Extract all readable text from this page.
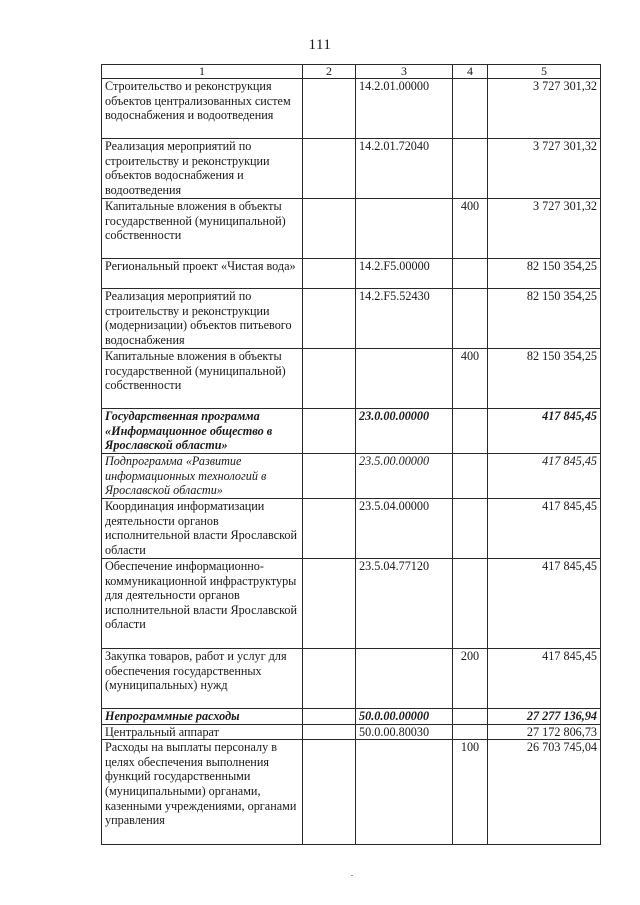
111
1	2	3	4	5
Строительство и реконструкция объектов централизованных систем водоснабжения и водоотведения		14.2.01.00000		3 727 301,32
Реализация мероприятий по строительству и реконструкции объектов водоснабжения и водоотведения		14.2.01.72040		3 727 301,32
Капитальные вложения в объекты государственной (муниципальной) собственности			400	3 727 301,32
Региональный проект «Чистая вода»		14.2.F5.00000		82 150 354,25
Реализация мероприятий по строительству и реконструкции (модернизации) объектов питьевого водоснабжения		14.2.F5.52430		82 150 354,25
Капитальные вложения в объекты государственной (муниципальной) собственности			400	82 150 354,25
Государственная программа «Информационное общество в Ярославской области»		23.0.00.00000		417 845,45
Подпрограмма «Развитие информационных технологий в Ярославской области»		23.5.00.00000		417 845,45
Координация информатизации деятельности органов исполнительной власти Ярославской области		23.5.04.00000		417 845,45
Обеспечение информационно-коммуникационной инфраструктуры для деятельности органов исполнительной власти Ярославской области		23.5.04.77120		417 845,45
Закупка товаров, работ и услуг для обеспечения государственных (муниципальных) нужд			200	417 845,45
Непрограммные расходы		50.0.00.00000		27 277 136,94
Центральный аппарат		50.0.00.80030		27 172 806,73
Расходы на выплаты персоналу в целях обеспечения выполнения функций государственными (муниципальными) органами, казенными учреждениями, органами управления			100	26 703 745,04
